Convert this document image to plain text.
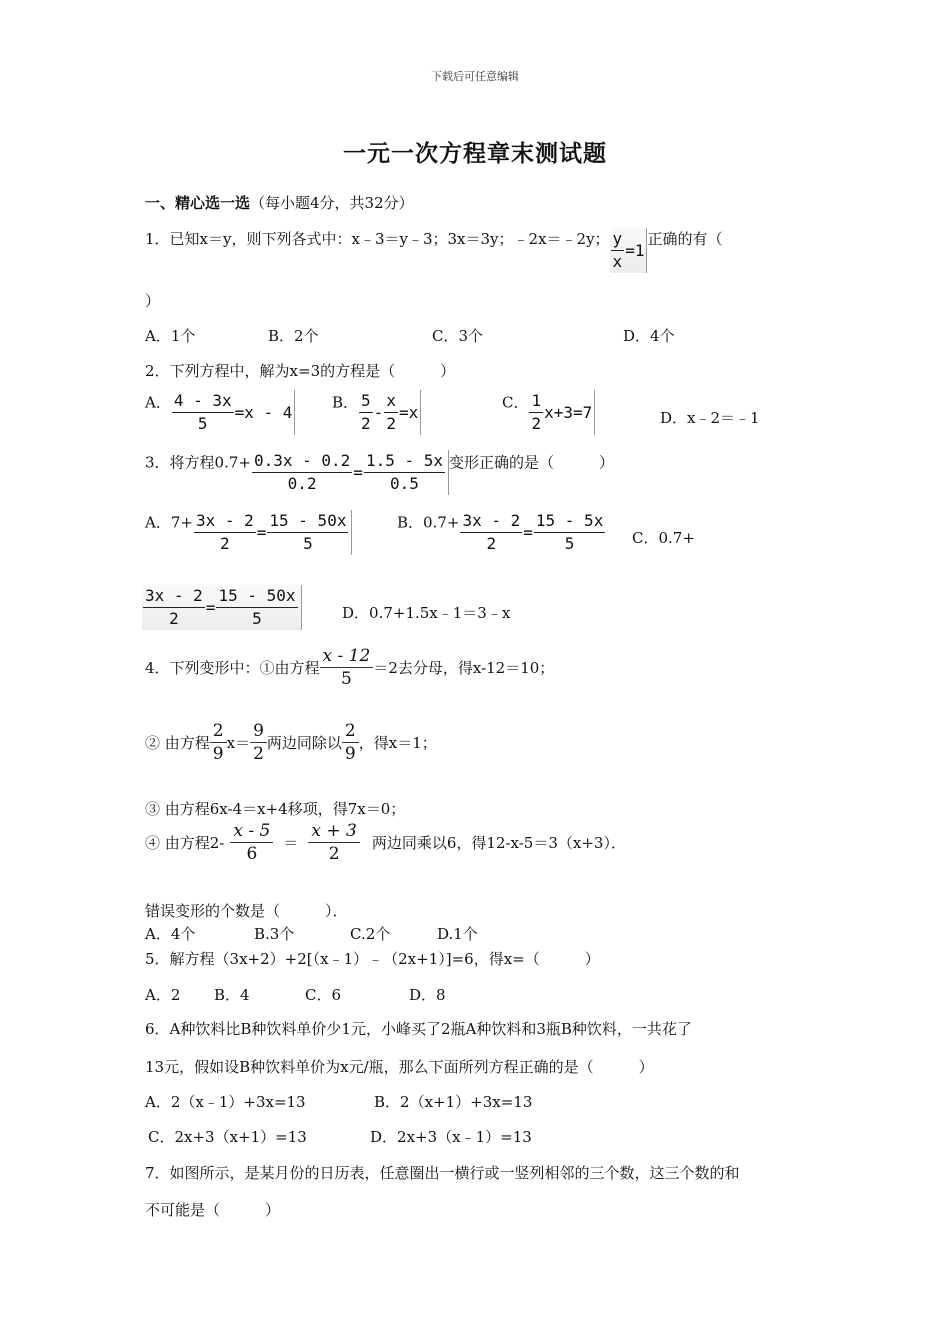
下载后可任意编辑
一元一次方程章末测试题
一、精心选一选（每小题4分，共32分）
1．已知x＝y，则下列各式中：x﹣3＝y﹣3；3x＝3y；﹣2x＝﹣2y； $\frac{y}{x} =1$
正确的有（
）
A．1个	B．2个	C．3个	D．4个
2．下列方程中，解为x=3的方程是（　　　）
A． $\frac{4 - 3x}{5} =x - 4$
B． $\frac{5}{2} - \frac{x}{2} =x$
C． $\frac{1}{2} x+3=7$	D．x﹣2＝﹣1
3．将方程$0.7+ \frac{0.3x - 0.2}{0.2} = \frac{1.5 - 5x}{0.5}$ 变形正确的是（　　　）
A．$7+ \frac{3x - 2}{2} = \frac{15 - 50x}{5}$	B．$0.7+ \frac{3x - 2}{2} = \frac{15 - 5x}{5}$ C．0.7+
$\frac{3x - 2}{2} = \frac{15 - 50x}{5}$	D．0.7+1.5x﹣1＝3﹣x
4．下列变形中：①由方程 $\frac{x - 12}{5} =2$去分母，得x-12＝10；
② 由方程 $\frac{2}{9} x= \frac{9}{2}$ 两边同除以 $\frac{2}{9}$ ，得x＝1；
③ 由方程6x-4＝x+4移项，得7x＝0；
④ 由方程$2- \frac{x - 5}{6} = \frac{x + 3}{2}$ 两边同乘以6，得12-x-5＝3（x+3）．
错误变形的个数是（　　　）．
A．4个	B.3个	C.2个	D.1个
5．解方程（3x+2）+2[（x﹣1）﹣（2x+1）]=6，得x=（　　　）
A．2 B．4	C．6	D．8
6．A种饮料比B种饮料单价少1元，小峰买了2瓶A种饮料和3瓶B种饮料，一共花了
13元，假如设B种饮料单价为x元/瓶，那么下面所列方程正确的是（　　　）
A．2（x﹣1）+3x=13	B．2（x+1）+3x=13
C．2x+3（x+1）=13	D．2x+3（x﹣1）=13
7．如图所示，是某月份的日历表，任意圈出一横行或一竖列相邻的三个数，这三个数的和
不可能是（　　　）
